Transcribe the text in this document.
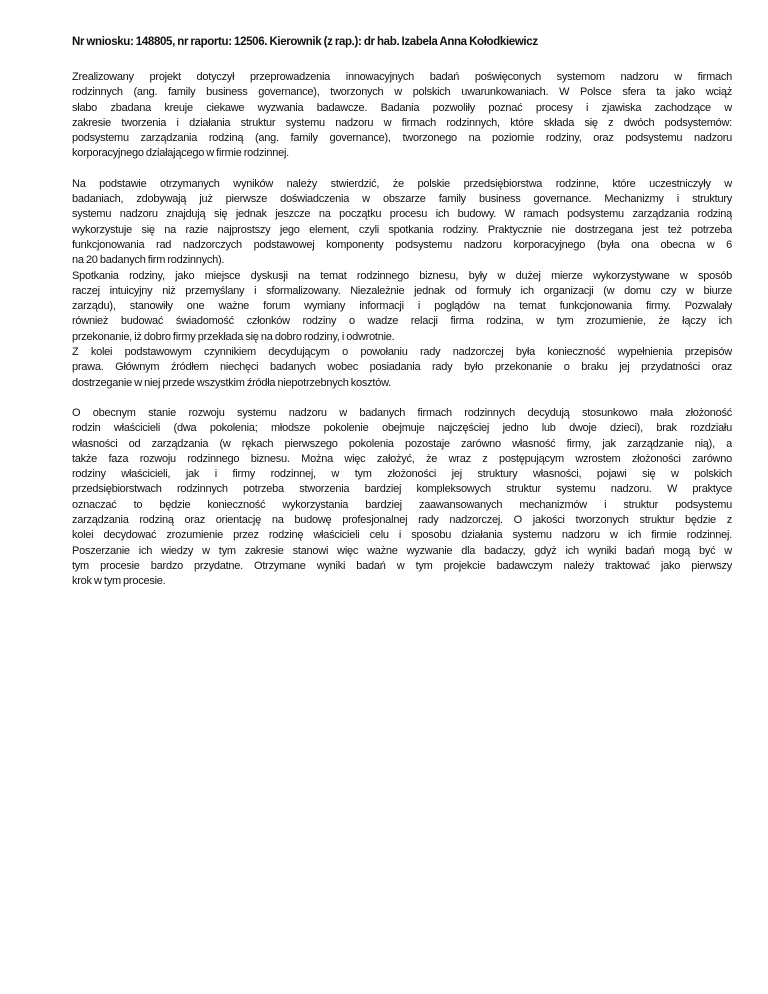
Nr wniosku: 148805, nr raportu: 12506. Kierownik (z rap.): dr hab. Izabela Anna Kołodkiewicz
Zrealizowany projekt dotyczył przeprowadzenia innowacyjnych badań poświęconych systemom nadzoru w firmach
rodzinnych (ang. family business governance), tworzonych w polskich uwarunkowaniach. W Polsce sfera ta jako wciąż
słabo zbadana kreuje ciekawe wyzwania badawcze. Badania pozwoliły poznać procesy i zjawiska zachodzące w
zakresie tworzenia i działania struktur systemu nadzoru w firmach rodzinnych, które składa się z dwóch podsystemów:
podsystemu zarządzania rodziną (ang. family governance), tworzonego na poziomie rodziny, oraz podsystemu nadzoru
korporacyjnego działającego w firmie rodzinnej.
Na podstawie otrzymanych wyników należy stwierdzić, że polskie przedsiębiorstwa rodzinne, które uczestniczyły w
badaniach, zdobywają już pierwsze doświadczenia w obszarze family business governance. Mechanizmy i struktury
systemu nadzoru znajdują się jednak jeszcze na początku procesu ich budowy. W ramach podsystemu zarządzania rodziną
wykorzystuje się na razie najprostszy jego element, czyli spotkania rodziny. Praktycznie nie dostrzegana jest też potrzeba
funkcjonowania rad nadzorczych podstawowej komponenty podsystemu nadzoru korporacyjnego (była ona obecna w 6
na 20 badanych firm rodzinnych).
Spotkania rodziny, jako miejsce dyskusji na temat rodzinnego biznesu, były w dużej mierze wykorzystywane w sposób
raczej intuicyjny niż przemyślany i sformalizowany. Niezależnie jednak od formuły ich organizacji (w domu czy w biurze
zarządu), stanowiły one ważne forum wymiany informacji i poglądów na temat funkcjonowania firmy. Pozwalały
również budować świadomość członków rodziny o wadze relacji firma rodzina, w tym zrozumienie, że łączy ich
przekonanie, iż dobro firmy przekłada się na dobro rodziny, i odwrotnie.
Z kolei podstawowym czynnikiem decydującym o powołaniu rady nadzorczej była konieczność wypełnienia przepisów
prawa. Głównym źródłem niechęci badanych wobec posiadania rady było przekonanie o braku jej przydatności oraz
dostrzeganie w niej przede wszystkim źródła niepotrzebnych kosztów.
O obecnym stanie rozwoju systemu nadzoru w badanych firmach rodzinnych decydują stosunkowo mała złożoność
rodzin właścicieli (dwa pokolenia; młodsze pokolenie obejmuje najczęściej jedno lub dwoje dzieci), brak rozdziału
własności od zarządzania (w rękach pierwszego pokolenia pozostaje zarówno własność firmy, jak zarządzanie nią), a
także faza rozwoju rodzinnego biznesu. Można więc założyć, że wraz z postępującym wzrostem złożoności zarówno
rodziny właścicieli, jak i firmy rodzinnej, w tym złożoności jej struktury własności, pojawi się w polskich
przedsiębiorstwach rodzinnych potrzeba stworzenia bardziej kompleksowych struktur systemu nadzoru. W praktyce
oznaczać to będzie konieczność wykorzystania bardziej zaawansowanych mechanizmów i struktur podsystemu
zarządzania rodziną oraz orientację na budowę profesjonalnej rady nadzorczej. O jakości tworzonych struktur będzie z
kolei decydować zrozumienie przez rodzinę właścicieli celu i sposobu działania systemu nadzoru w ich firmie rodzinnej.
Poszerzanie ich wiedzy w tym zakresie stanowi więc ważne wyzwanie dla badaczy, gdyż ich wyniki badań mogą być w
tym procesie bardzo przydatne. Otrzymane wyniki badań w tym projekcie badawczym należy traktować jako pierwszy
krok w tym procesie.
